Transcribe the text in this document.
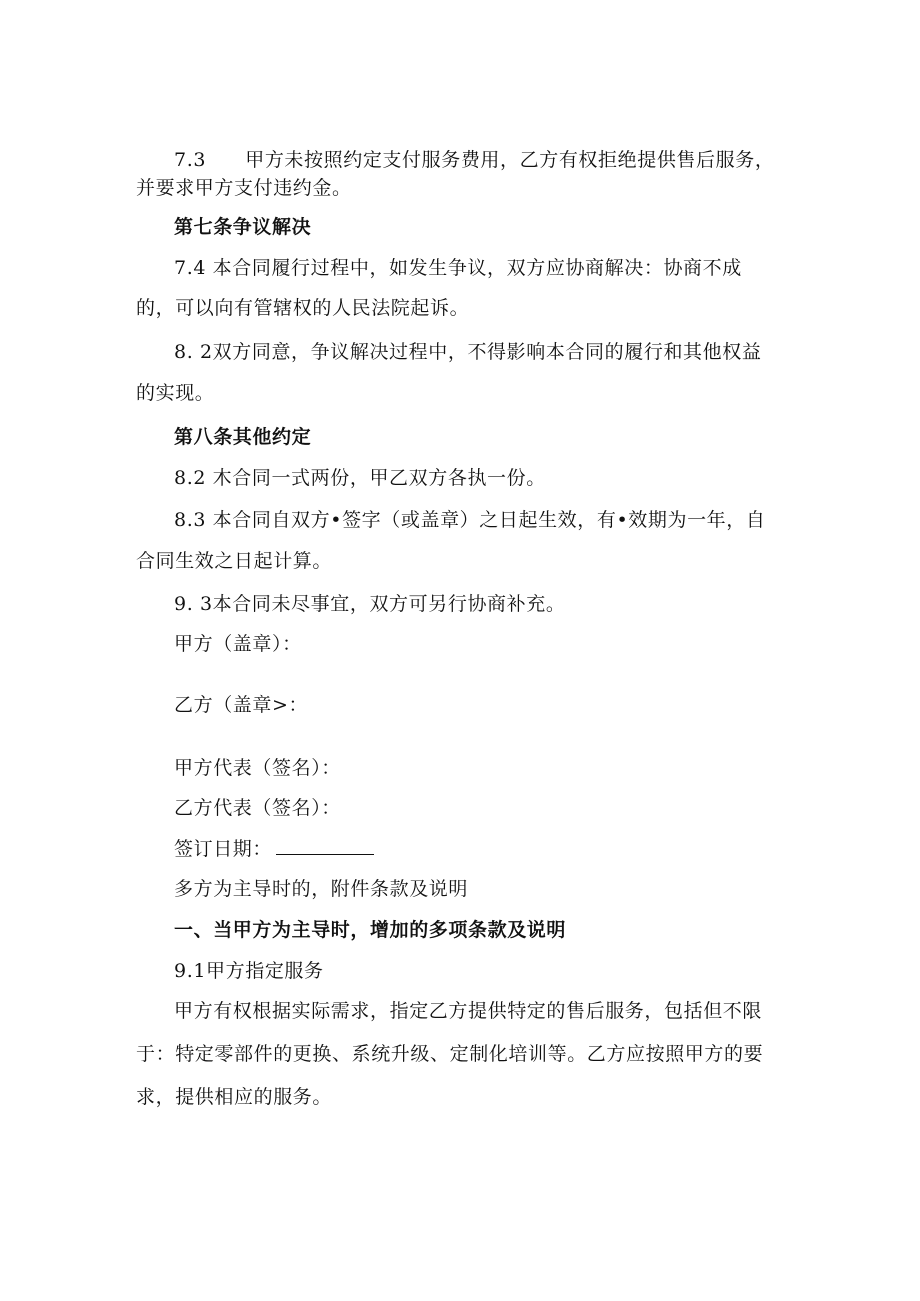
7.3　　甲方未按照约定支付服务费用，乙方有权拒绝提供售后服务，
并要求甲方支付违约金。
第七条争议解决
7.4 本合同履行过程中，如发生争议，双方应协商解决：协商不成
的，可以向有管辖权的人民法院起诉。
8. 2双方同意，争议解决过程中，不得影响本合同的履行和其他权益
的实现。
第八条其他约定
8.2 木合同一式两份，甲乙双方各执一份。
8.3 本合同自双方•签字（或盖章）之日起生效，有•效期为一年，自
合同生效之日起计算。
9. 3本合同未尽事宜，双方可另行协商补充。
甲方（盖章）：
乙方（盖章>：
甲方代表（签名）：
乙方代表（签名）：
签订日期：
多方为主导时的，附件条款及说明
一、当甲方为主导时，增加的多项条款及说明
9.1甲方指定服务
甲方有权根据实际需求，指定乙方提供特定的售后服务，包括但不限
于：特定零部件的更换、系统升级、定制化培训等。乙方应按照甲方的要
求，提供相应的服务。
